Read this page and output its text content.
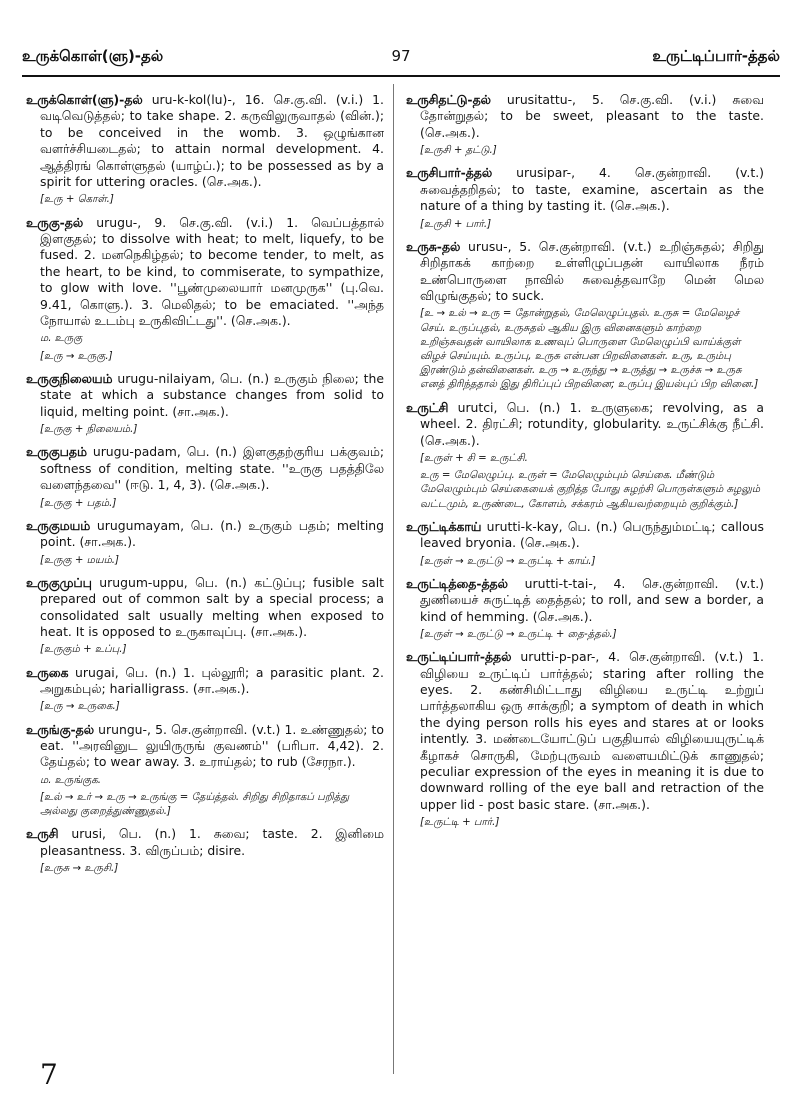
உருக்கொள்(ளு)-தல்	97	உருட்டிப்பார்-த்தல்

உருக்கொள்(ளு)-தல் uru-k-kol(lu)-, 16. செ.கு.வி. (v.i.) 1. வடிவெடுத்தல்; to take shape. 2. கருவிலுருவாதல் (வின்.); to be conceived in the womb. 3. ஒழுங்கான வளர்ச்சியடைதல்; to attain normal development. 4. ஆத்திரங் கொள்ளுதல் (யாழ்ப்.); to be possessed as by a spirit for uttering oracles. (செ.அக.).

[உரு + கொள்.]

உருகு-தல் urugu-, 9. செ.கு.வி. (v.i.) 1. வெப்பத்தால் இளகுதல்; to dissolve with heat; to melt, liquefy, to be fused. 2. மனநெகிழ்தல்; to become tender, to melt, as the heart, to be kind, to commiserate, to sympathize, to glow with love. ''பூண்முலையார் மனமுருக'' (பு.வெ. 9.41, கொளு.). 3. மெலிதல்; to be emaciated. ''அந்த நோயால் உடம்பு உருகிவிட்டது''. (செ.அக.).

ம. உருகு
[உரு → உருகு.]

உருகுநிலையம் urugu-nilaiyam, பெ. (n.) உருகும் நிலை; the state at which a substance changes from solid to liquid, melting point. (சா.அக.).

[உருகு + நிலையம்.]

உருகுபதம் urugu-padam, பெ. (n.) இளகுதற்குரிய பக்குவம்; softness of condition, melting state. ''உருகு பதத்திலே வளைந்தவை'' (ஈடு. 1, 4, 3). (செ.அக.).

[உருகு + பதம்.]

உருகுமயம் urugumayam, பெ. (n.) உருகும் பதம்; melting point. (சா.அக.).

[உருகு + மயம்.]

உருகுமுப்பு urugum-uppu, பெ. (n.) கட்டுப்பு; fusible salt prepared out of common salt by a special process; a consolidated salt usually melting when exposed to heat. It is opposed to உருகாவுப்பு. (சா.அக.).

[உருகும் + உப்பு.]

உருகை urugai, பெ. (n.) 1. புல்லூரி; a parasitic plant. 2. அறுகம்புல்; harialligrass. (சா.அக.).

[உரு → உருகை.]

உருங்கு-தல் urungu-, 5. செ.குன்றாவி. (v.t.) 1. உண்ணுதல்; to eat. ''அரவினுட லுயிருருங் குவணம்'' (பரிபா. 4,42). 2. தேய்தல்; to wear away. 3. உராய்தல்; to rub (சேரநா.).

ம. உருங்குக.
[உல் → உர் → உரு → உருங்கு = தேய்த்தல். சிறிது சிறிதாகப் பறித்து அல்லது குறைத்துண்ணுதல்.]

உருசி urusi, பெ. (n.) 1. சுவை; taste. 2. இனிமை pleasantness. 3. விருப்பம்; disire.

[உருசு → உருசி.]

உருசிதட்டு-தல் urusitattu-, 5. செ.கு.வி. (v.i.) சுவை தோன்றுதல்; to be sweet, pleasant to the taste. (செ.அக.).

[உருசி + தட்டு.]

உருசிபார்-த்தல் urusipar-, 4. செ.குன்றாவி. (v.t.) சுவைத்தறிதல்; to taste, examine, ascertain as the nature of a thing by tasting it. (செ.அக.).

[உருசி + பார்.]

உருசு-தல் urusu-, 5. செ.குன்றாவி. (v.t.) உறிஞ்சுதல்; சிறிது சிறிதாகக் காற்றை உள்ளிழுப்பதன் வாயிலாக நீரம் உண்பொருளை நாவில் சுவைத்தவாறே மென் மெல விழுங்குதல்; to suck.

[உ → உல் → உரு = தோன்றுதல், மேலெழுப்புதல். உருசு = மேலெழச் செய். உருப்புதல், உருசுதல் ஆகிய இரு வினைகளும் காற்றை உறிஞ்சுவதன் வாயிலாக உணவுப் பொருளை மேலெழுப்பி வாய்க்குள் விழச் செய்யும். உருப்பு, உருசு என்பன பிறவினைகள். உரு, உரும்பு இரண்டும் தன்வினைகள். உரு → உருந்து → உருத்து → உருச்சு → உருசு எனத் திரிந்ததால் இது திரிப்புப் பிறவினை; உருப்பு இயல்புப் பிற வினை.]

உருட்சி urutci, பெ. (n.) 1. உருளுகை; revolving, as a wheel. 2. திரட்சி; rotundity, globularity. உருட்சிக்கு நீட்சி. (செ.அக.).

[உருள் + சி = உருட்சி.
உரு = மேலெழுப்பு. உருள் = மேலெழும்பும் செய்கை. மீண்டும் மேலெழும்பும் செய்கையைக் குறித்த போது சுழற்சி பொருள்களும் சுழலும் வட்டமும், உருண்டை, கோளம், சக்கரம் ஆகியவற்றையும் குறிக்கும்.]

உருட்டிக்காய் urutti-k-kay, பெ. (n.) பெருந்தும்மட்டி; callous leaved bryonia. (செ.அக.).

[உருள் → உருட்டு → உருட்டி + காய்.]

உருட்டித்தை-த்தல் urutti-t-tai-, 4. செ.குன்றாவி. (v.t.) துணியைச் சுருட்டித் தைத்தல்; to roll, and sew a border, a kind of hemming. (செ.அக.).

[உருள் → உருட்டு → உருட்டி + தை-த்தல்.]

உருட்டிப்பார்-த்தல் urutti-p-par-, 4. செ.குன்றாவி. (v.t.) 1. விழியை உருட்டிப் பார்த்தல்; staring after rolling the eyes. 2. கண்சிமிட்டாது விழியை உருட்டி உற்றுப் பார்த்தலாகிய ஒரு சாக்குறி; a symptom of death in which the dying person rolls his eyes and stares at or looks intently. 3. மண்டையோட்டுப் பகுதியால் விழியையுருட்டிக் கீழாகச் சொருகி, மேற்புருவம் வளையமிட்டுக் காணுதல்; peculiar expression of the eyes in meaning it is due to downward rolling of the eye ball and retraction of the upper lid - post basic stare. (சா.அக.).

[உருட்டி + பார்.]
7
